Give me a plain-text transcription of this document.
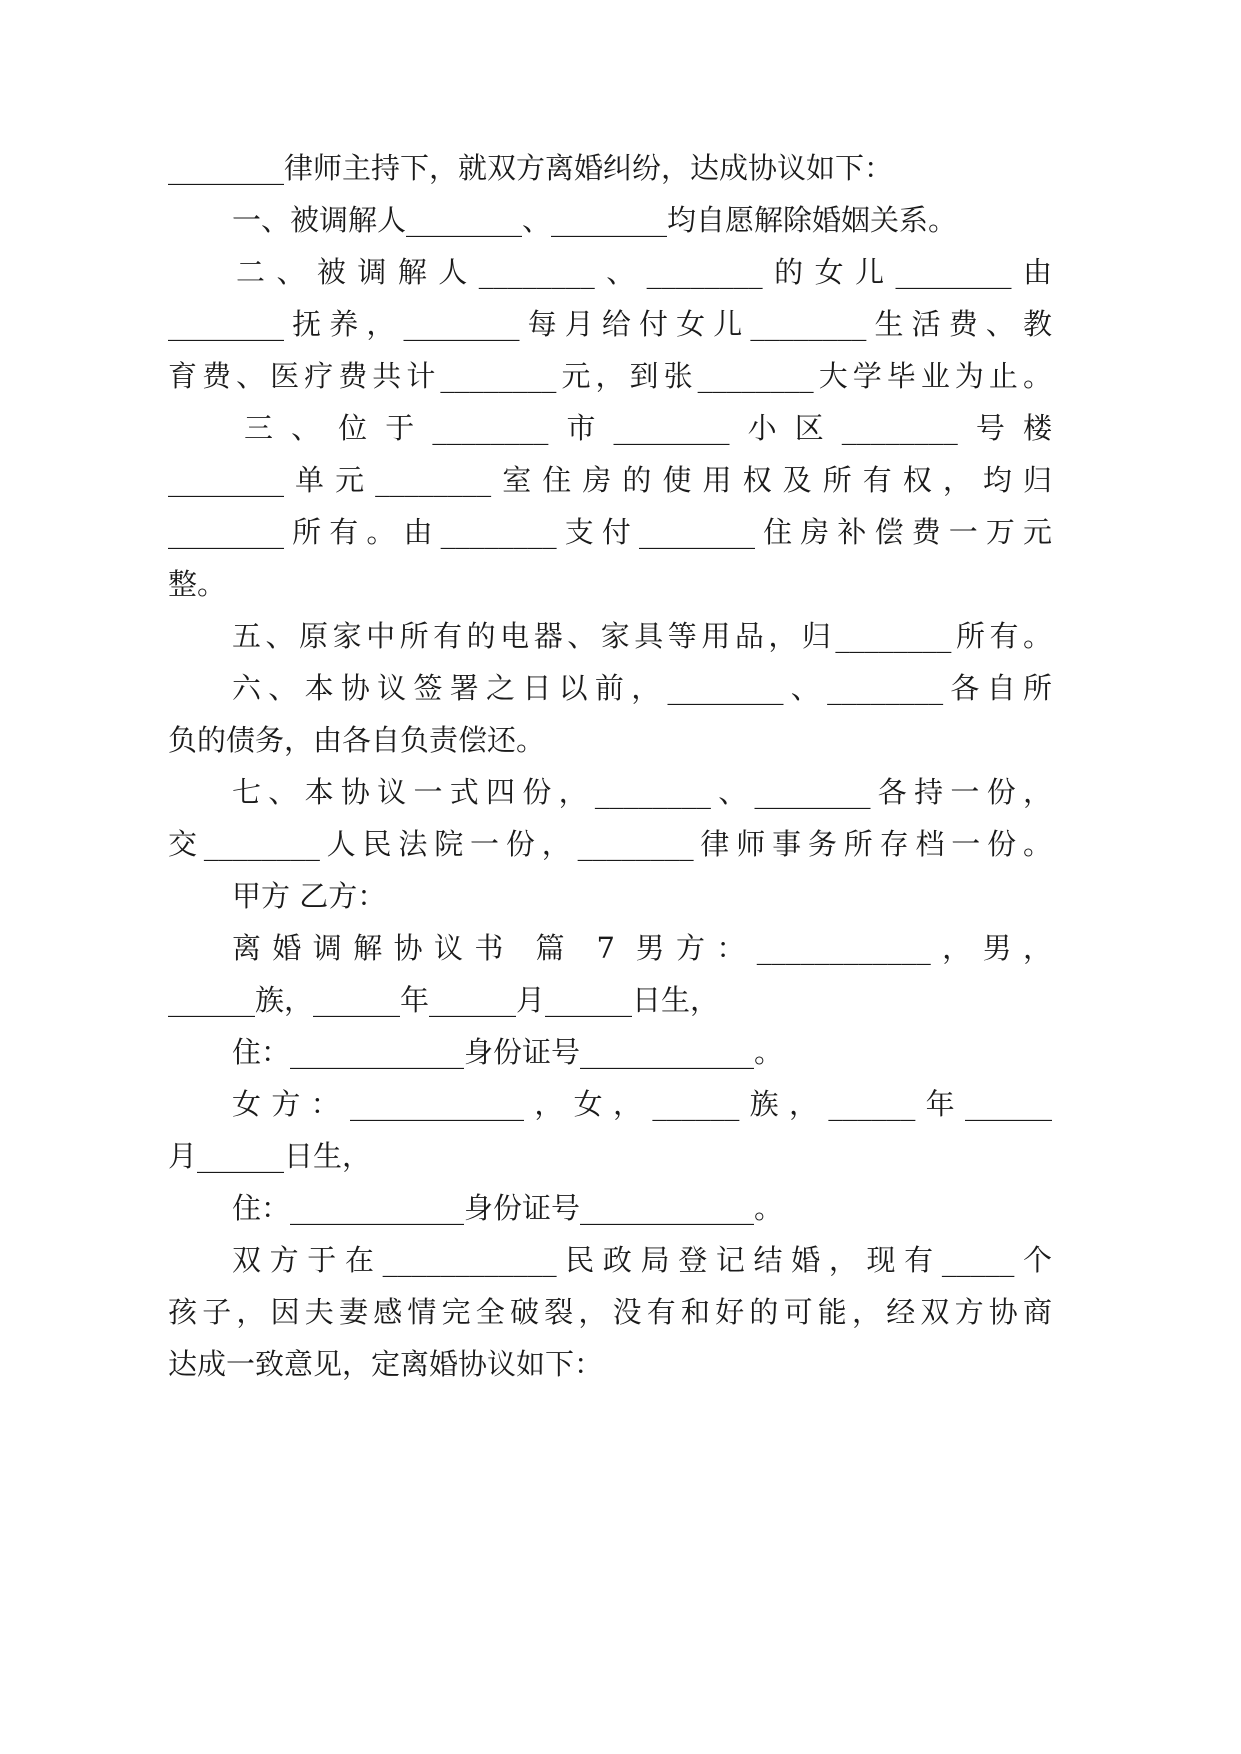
________律师主持下，就双方离婚纠纷，达成协议如下：
一、被调解人________、________均自愿解除婚姻关系。
二、被调解人________、________的女儿________由
________抚养，________每月给付女儿________生活费、教
育费、医疗费共计________元，到张________大学毕业为止。
三、位于________市________小区________号楼
________单元________室住房的使用权及所有权，均归
________所有。由________支付________住房补偿费一万元
整。
五、原家中所有的电器、家具等用品，归________所有。
六、本协议签署之日以前，________、________各自所
负的债务，由各自负责偿还。
七、本协议一式四份，________、________各持一份，
交________人民法院一份，________律师事务所存档一份。
甲方 乙方：
离婚调解协议书 篇 7 男方：____________，男，
______族，______年______月______日生，
住：____________身份证号____________。
女方：____________，女，______族，______年______
月______日生，
住：____________身份证号____________。
双方于在____________民政局登记结婚，现有_____个
孩子，因夫妻感情完全破裂，没有和好的可能，经双方协商
达成一致意见，定离婚协议如下：
